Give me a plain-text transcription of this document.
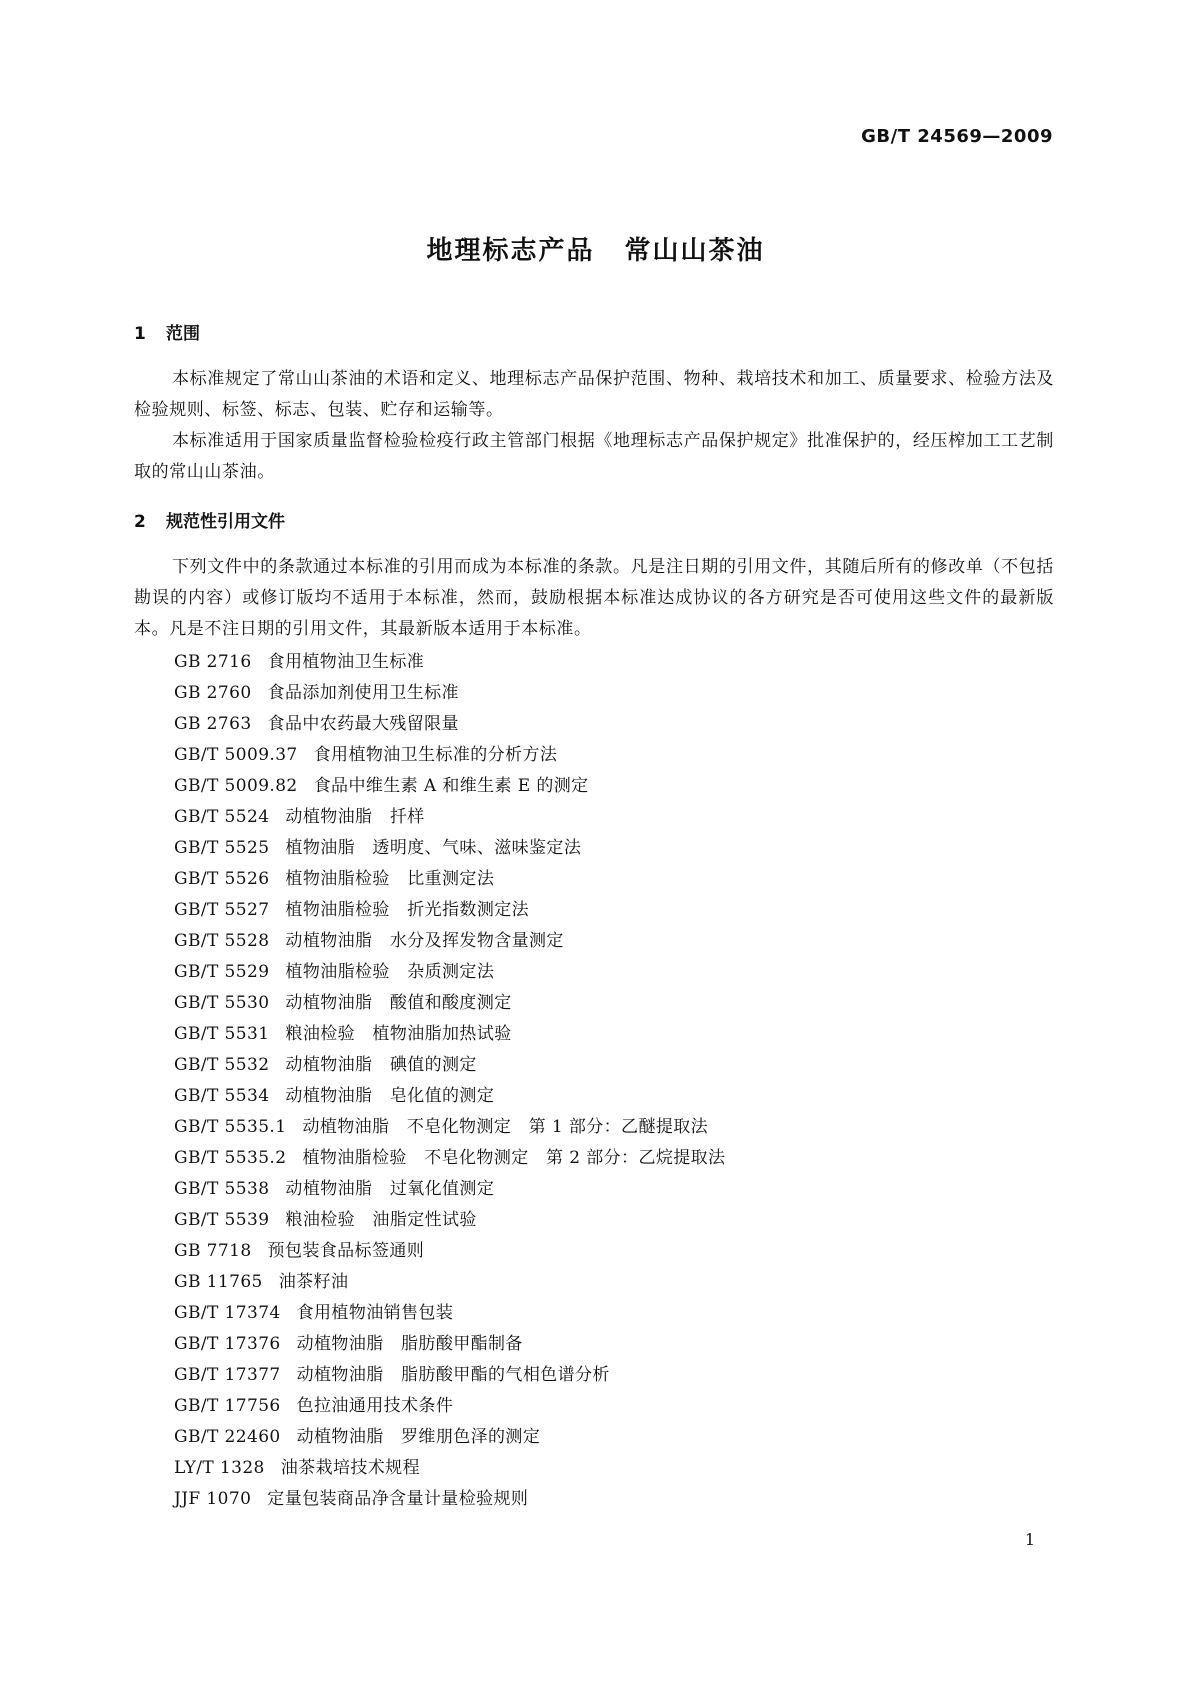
GB/T 24569—2009
地理标志产品 常山山茶油
1 范围

本标准规定了常山山茶油的术语和定义、地理标志产品保护范围、物种、栽培技术和加工、质量要求、检验方法及检验规则、标签、标志、包装、贮存和运输等。

本标准适用于国家质量监督检验检疫行政主管部门根据《地理标志产品保护规定》批准保护的，经压榨加工工艺制取的常山山茶油。

2 规范性引用文件

下列文件中的条款通过本标准的引用而成为本标准的条款。凡是注日期的引用文件，其随后所有的修改单（不包括勘误的内容）或修订版均不适用于本标准，然而，鼓励根据本标准达成协议的各方研究是否可使用这些文件的最新版本。凡是不注日期的引用文件，其最新版本适用于本标准。

GB 2716 食用植物油卫生标准
GB 2760 食品添加剂使用卫生标准
GB 2763 食品中农药最大残留限量
GB/T 5009.37 食用植物油卫生标准的分析方法
GB/T 5009.82 食品中维生素 A 和维生素 E 的测定
GB/T 5524 动植物油脂　扦样
GB/T 5525 植物油脂　透明度、气味、滋味鉴定法
GB/T 5526 植物油脂检验　比重测定法
GB/T 5527 植物油脂检验　折光指数测定法
GB/T 5528 动植物油脂　水分及挥发物含量测定
GB/T 5529 植物油脂检验　杂质测定法
GB/T 5530 动植物油脂　酸值和酸度测定
GB/T 5531 粮油检验　植物油脂加热试验
GB/T 5532 动植物油脂　碘值的测定
GB/T 5534 动植物油脂　皂化值的测定
GB/T 5535.1 动植物油脂　不皂化物测定　第 1 部分：乙醚提取法
GB/T 5535.2 植物油脂检验　不皂化物测定　第 2 部分：乙烷提取法
GB/T 5538 动植物油脂　过氧化值测定
GB/T 5539 粮油检验　油脂定性试验
GB 7718 预包装食品标签通则
GB 11765 油茶籽油
GB/T 17374 食用植物油销售包装
GB/T 17376 动植物油脂　脂肪酸甲酯制备
GB/T 17377 动植物油脂　脂肪酸甲酯的气相色谱分析
GB/T 17756 色拉油通用技术条件
GB/T 22460 动植物油脂　罗维朋色泽的测定
LY/T 1328 油茶栽培技术规程
JJF 1070 定量包装商品净含量计量检验规则
1
